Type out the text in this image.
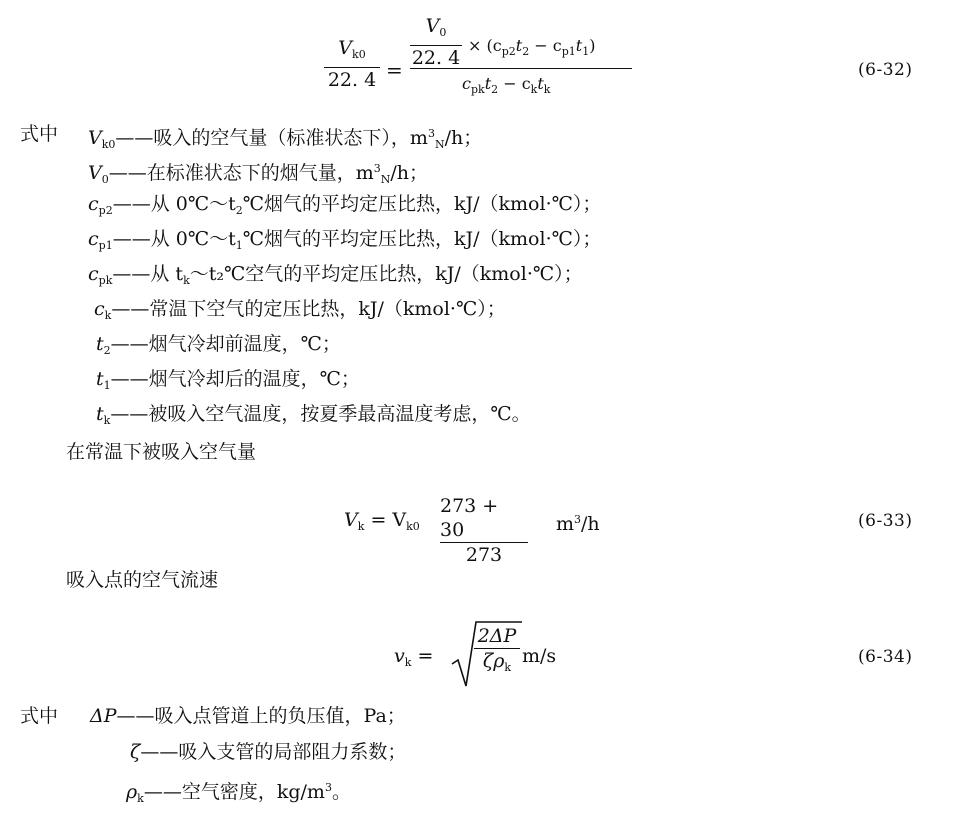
$V_{k0}$
22. 4 =
$V_0$
22. 4
× $(c_{p2}t_2 - c_{p1}t_1)$
$c_{pk}t_2 - c_kt_k$
(6-32)
式中 $V_{k0}——$吸入的空气量（标准状态下），$m^3_N/h$；
$V_0——$在标准状态下的烟气量，$m^3_N/h$；
$c_{p2}——$从 $0℃\sim t_2℃$烟气的平均定压比热，kJ/（kmol·℃）；
$c_{p1}——$从 $0℃\sim t_1℃$烟气的平均定压比热，kJ/（kmol·℃）；
$c_{pk}——$从 $t_k\sim t_2℃$空气的平均定压比热，kJ/（kmol·℃）；
$c_k——$常温下空气的定压比热，kJ/（kmol·℃）；
$t_2——$烟气冷却前温度，℃；
$t_1——$烟气冷却后的温度，℃；
$t_k——$被吸入空气温度，按夏季最高温度考虑，℃。
在常温下被吸入空气量
$V_k = V_{k0}$
273 + 30
273
$m^3/h$	(6-33)
吸入点的空气流速
$v_k$ =
2ΔP
$\zeta\rho_k$
m/s	(6-34)
式中 ΔP——吸入点管道上的负压值，Pa；
ζ——吸入支管的局部阻力系数；
$\rho_k——$空气密度，$kg/m^3$。
